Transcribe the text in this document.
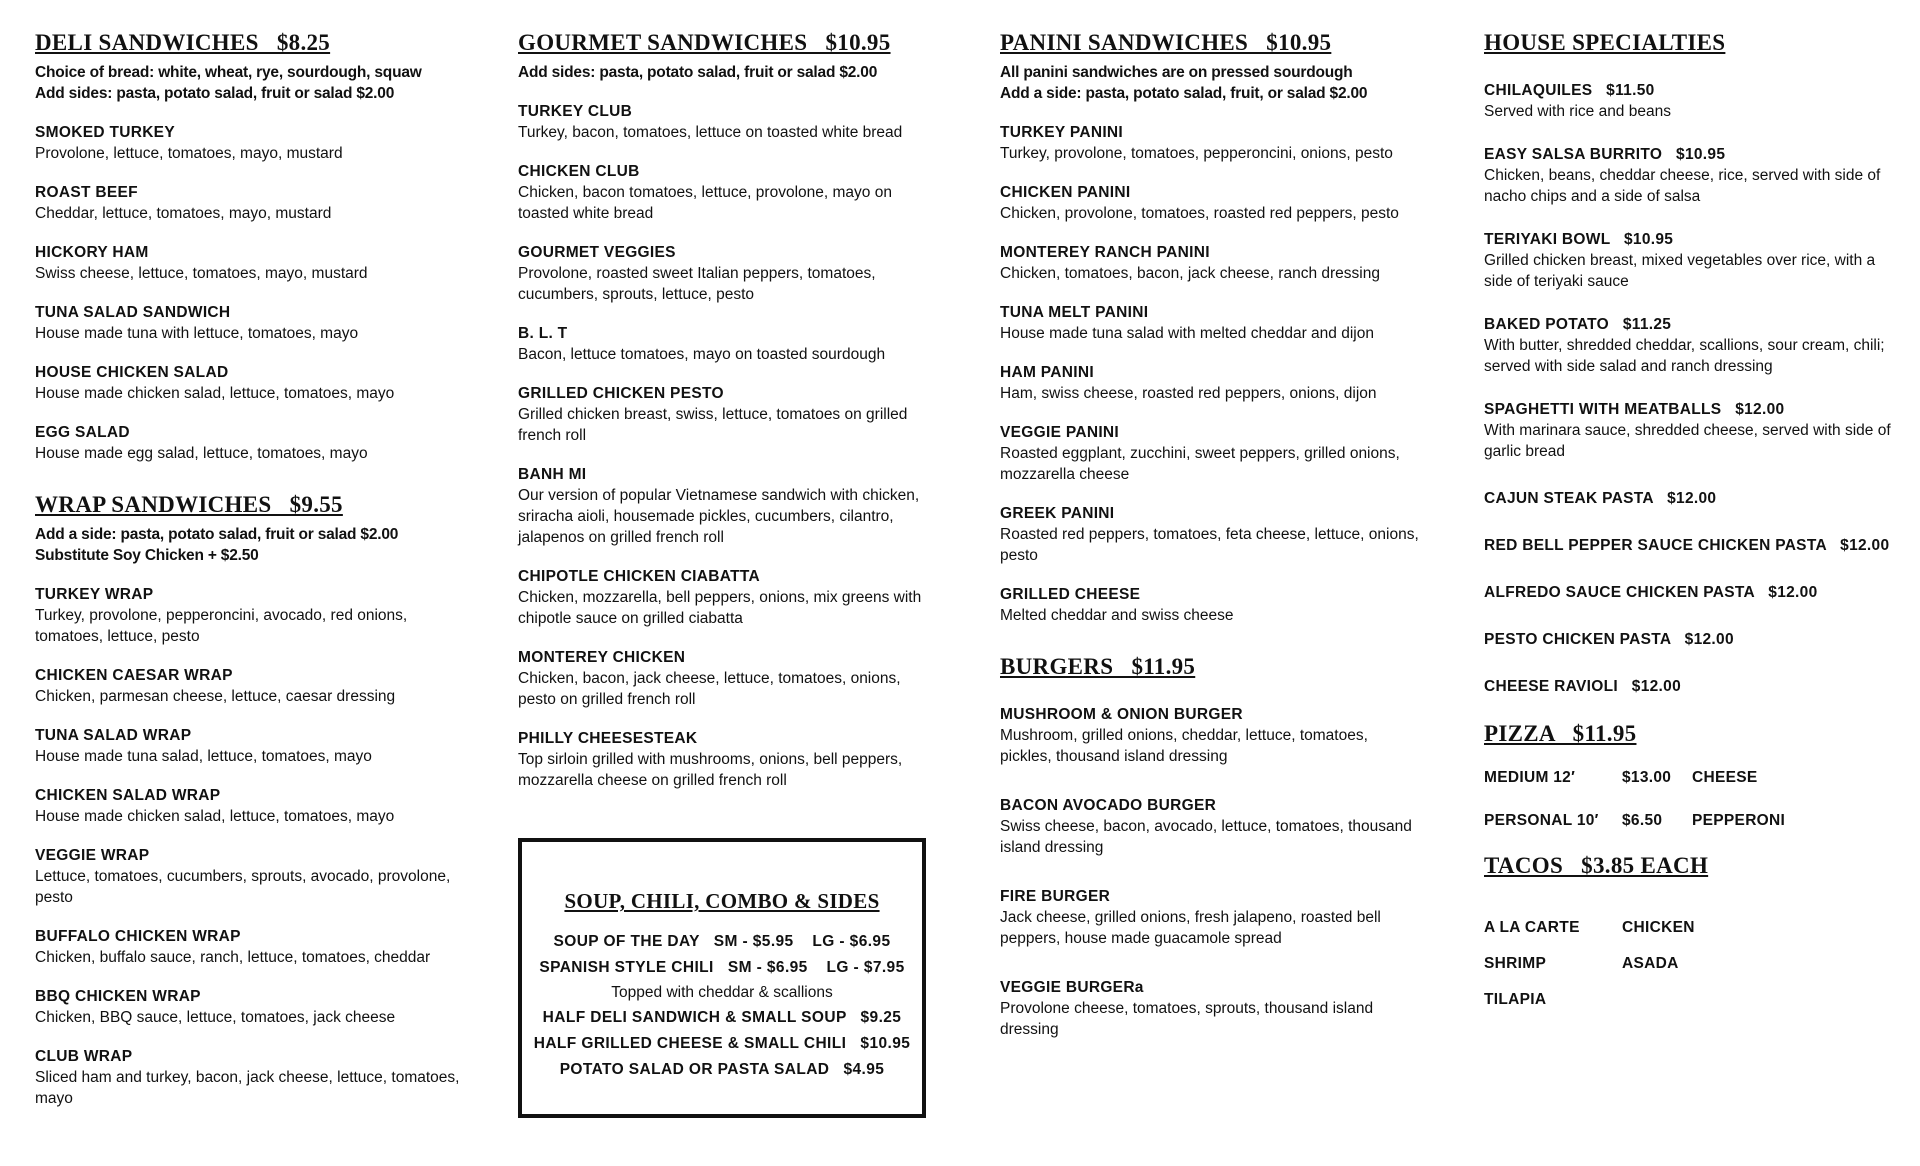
DELI SANDWICHES   $8.25
Choice of bread: white, wheat, rye, sourdough, squaw
Add sides: pasta, potato salad, fruit or salad $2.00
SMOKED TURKEY
Provolone, lettuce, tomatoes, mayo, mustard
ROAST BEEF
Cheddar, lettuce, tomatoes, mayo, mustard
HICKORY HAM
Swiss cheese, lettuce, tomatoes, mayo, mustard
TUNA SALAD SANDWICH
House made tuna with lettuce, tomatoes, mayo
HOUSE CHICKEN SALAD
House made chicken salad, lettuce, tomatoes, mayo
EGG SALAD
House made egg salad, lettuce, tomatoes, mayo
WRAP SANDWICHES   $9.55
Add a side: pasta, potato salad, fruit or salad $2.00
Substitute Soy Chicken + $2.50
TURKEY WRAP
Turkey, provolone, pepperoncini, avocado, red onions, tomatoes, lettuce, pesto
CHICKEN CAESAR WRAP
Chicken, parmesan cheese, lettuce, caesar dressing
TUNA SALAD WRAP
House made tuna salad, lettuce, tomatoes, mayo
CHICKEN SALAD WRAP
House made chicken salad, lettuce, tomatoes, mayo
VEGGIE WRAP
Lettuce, tomatoes, cucumbers, sprouts, avocado, provolone, pesto
BUFFALO CHICKEN WRAP
Chicken, buffalo sauce, ranch, lettuce, tomatoes, cheddar
BBQ CHICKEN WRAP
Chicken, BBQ sauce, lettuce, tomatoes, jack cheese
CLUB WRAP
Sliced ham and turkey, bacon, jack cheese, lettuce, tomatoes, mayo
GOURMET SANDWICHES   $10.95
Add sides: pasta, potato salad, fruit or salad $2.00
TURKEY CLUB
Turkey, bacon, tomatoes, lettuce on toasted white bread
CHICKEN CLUB
Chicken, bacon tomatoes, lettuce, provolone, mayo on toasted white bread
GOURMET VEGGIES
Provolone, roasted sweet Italian peppers, tomatoes, cucumbers, sprouts, lettuce, pesto
B. L. T
Bacon, lettuce tomatoes, mayo on toasted sourdough
GRILLED CHICKEN PESTO
Grilled chicken breast, swiss, lettuce, tomatoes on grilled french roll
BANH MI
Our version of popular Vietnamese sandwich with chicken, sriracha aioli, housemade pickles, cucumbers, cilantro, jalapenos on grilled french roll
CHIPOTLE CHICKEN CIABATTA
Chicken, mozzarella, bell peppers, onions, mix greens with chipotle sauce on grilled ciabatta
MONTEREY CHICKEN
Chicken, bacon, jack cheese, lettuce, tomatoes, onions, pesto on grilled french roll
PHILLY CHEESESTEAK
Top sirloin grilled with mushrooms, onions, bell peppers, mozzarella cheese on grilled french roll
SOUP, CHILI, COMBO & SIDES
SOUP OF THE DAY   SM - $5.95    LG - $6.95
SPANISH STYLE CHILI   SM - $6.95    LG - $7.95
Topped with cheddar & scallions
HALF DELI SANDWICH & SMALL SOUP   $9.25
HALF GRILLED CHEESE & SMALL CHILI   $10.95
POTATO SALAD OR PASTA SALAD   $4.95
PANINI SANDWICHES   $10.95
All panini sandwiches are on pressed sourdough
Add a side: pasta, potato salad, fruit, or salad $2.00
TURKEY PANINI
Turkey, provolone, tomatoes, pepperoncini, onions, pesto
CHICKEN PANINI
Chicken, provolone, tomatoes, roasted red peppers, pesto
MONTEREY RANCH PANINI
Chicken, tomatoes, bacon, jack cheese, ranch dressing
TUNA MELT PANINI
House made tuna salad with melted cheddar and dijon
HAM PANINI
Ham, swiss cheese, roasted red peppers, onions, dijon
VEGGIE PANINI
Roasted eggplant, zucchini, sweet peppers, grilled onions, mozzarella cheese
GREEK PANINI
Roasted red peppers, tomatoes, feta cheese, lettuce, onions, pesto
GRILLED CHEESE
Melted cheddar and swiss cheese
BURGERS   $11.95
MUSHROOM & ONION BURGER
Mushroom, grilled onions, cheddar, lettuce, tomatoes, pickles, thousand island dressing
BACON AVOCADO BURGER
Swiss cheese, bacon, avocado, lettuce, tomatoes, thousand island dressing
FIRE BURGER
Jack cheese, grilled onions, fresh jalapeno, roasted bell peppers, house made guacamole spread
VEGGIE BURGERa
Provolone cheese, tomatoes, sprouts, thousand island dressing
HOUSE SPECIALTIES
CHILAQUILES   $11.50
Served with rice and beans
EASY SALSA BURRITO   $10.95
Chicken, beans, cheddar cheese, rice, served with side of nacho chips and a side of salsa
TERIYAKI BOWL   $10.95
Grilled chicken breast, mixed vegetables over rice, with a side of teriyaki sauce
BAKED POTATO   $11.25
With butter, shredded cheddar, scallions, sour cream, chili; served with side salad and ranch dressing
SPAGHETTI WITH MEATBALLS   $12.00
With marinara sauce, shredded cheese, served with side of garlic bread
CAJUN STEAK PASTA   $12.00
RED BELL PEPPER SAUCE CHICKEN PASTA   $12.00
ALFREDO SAUCE CHICKEN PASTA   $12.00
PESTO CHICKEN PASTA   $12.00
CHEESE RAVIOLI   $12.00
PIZZA   $11.95
MEDIUM 12′	$13.00	CHEESE
PERSONAL 10′	$6.50	PEPPERONI
TACOS   $3.85 EACH
A LA CARTE	CHICKEN
SHRIMP	ASADA
TILAPIA
